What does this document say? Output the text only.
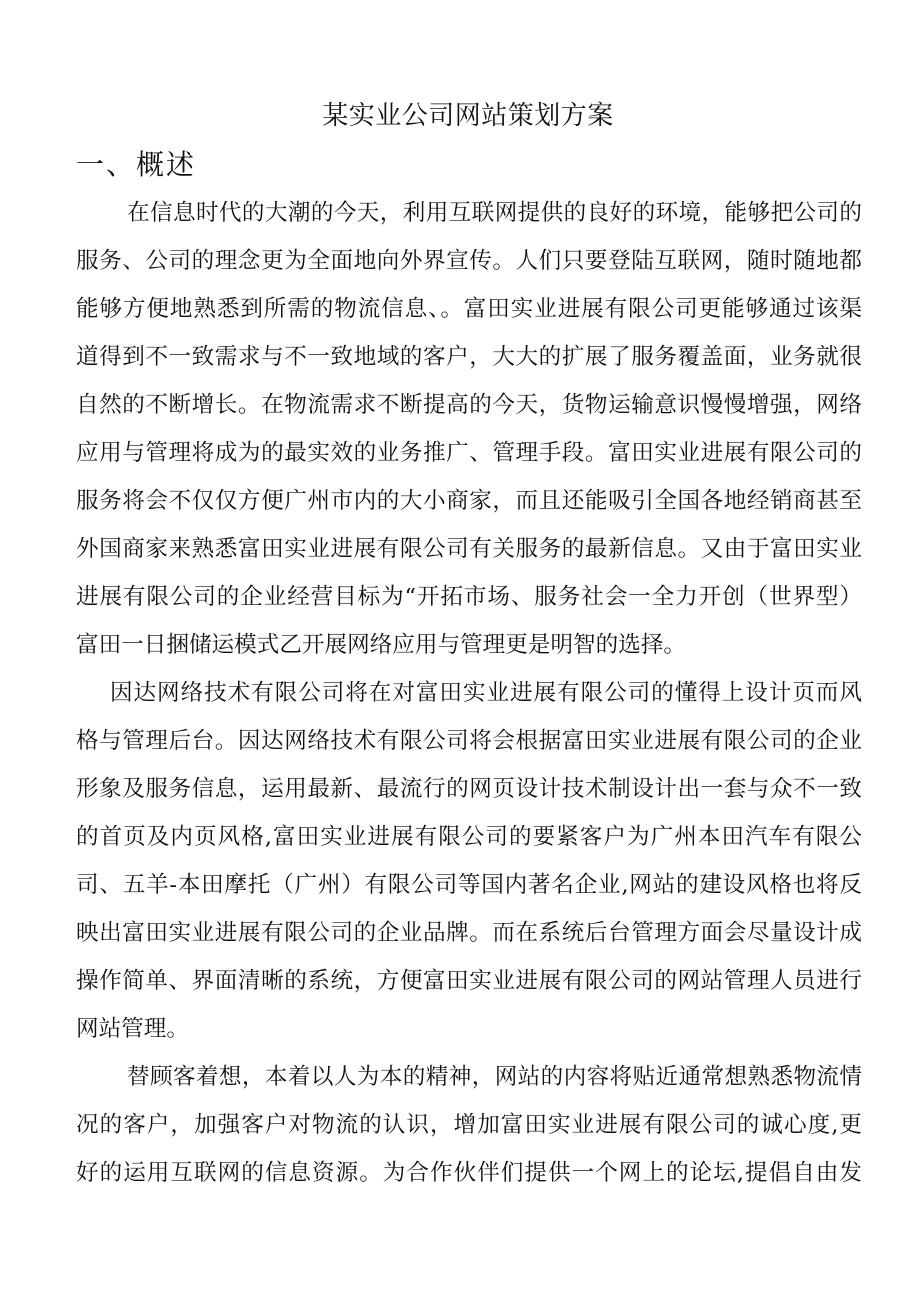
某实业公司网站策划方案
一、概述
在信息时代的大潮的今天，利用互联网提供的良好的环境，能够把公司的
服务、公司的理念更为全面地向外界宣传。人们只要登陆互联网，随时随地都
能够方便地熟悉到所需的物流信息、。富田实业进展有限公司更能够通过该渠
道得到不一致需求与不一致地域的客户，大大的扩展了服务覆盖面，业务就很
自然的不断增长。在物流需求不断提高的今天，货物运输意识慢慢增强，网络
应用与管理将成为的最实效的业务推广、管理手段。富田实业进展有限公司的
服务将会不仅仅方便广州市内的大小商家，而且还能吸引全国各地经销商甚至
外国商家来熟悉富田实业进展有限公司有关服务的最新信息。又由于富田实业
进展有限公司的企业经营目标为“开拓市场、服务社会一全力开创（世界型）
富田一日捆储运模式乙开展网络应用与管理更是明智的选择。
因达网络技术有限公司将在对富田实业进展有限公司的懂得上设计页而风
格与管理后台。因达网络技术有限公司将会根据富田实业进展有限公司的企业
形象及服务信息，运用最新、最流行的网页设计技术制设计出一套与众不一致
的首页及内页风格,富田实业进展有限公司的要紧客户为广州本田汽车有限公
司、五羊-本田摩托（广州）有限公司等国内著名企业,网站的建设风格也将反
映出富田实业进展有限公司的企业品牌。而在系统后台管理方面会尽量设计成
操作简单、界面清晰的系统，方便富田实业进展有限公司的网站管理人员进行
网站管理。
替顾客着想，本着以人为本的精神，网站的内容将贴近通常想熟悉物流情
况的客户，加强客户对物流的认识，增加富田实业进展有限公司的诚心度,更
好的运用互联网的信息资源。为合作伙伴们提供一个网上的论坛,提倡自由发
